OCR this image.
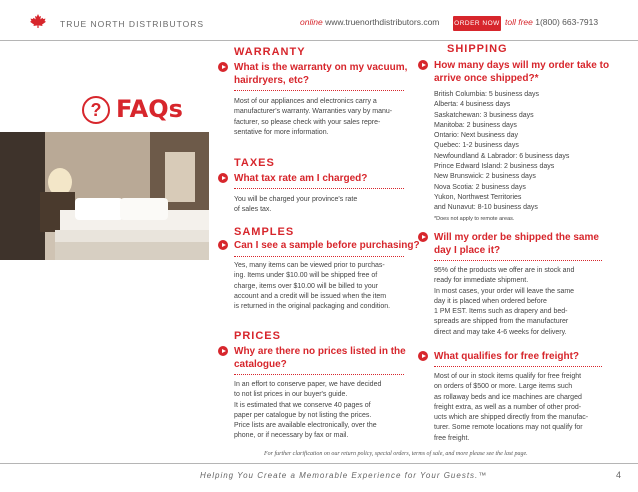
TRUE NORTH DISTRIBUTORS	online www.truenorthdistributors.com ORDER NOW toll free 1(800) 663-7913
? FAQs
WARRANTY
What is the warranty on my vacuum,
hairdryers, etc?

Most of our appliances and electronics carry a

manufacturer's warranty. Warranties vary by manu-

facturer, so please check with your sales repre-

sentative for more information.

TAXES
What tax rate am I charged?

You will be charged your province's rate

of sales tax.

SAMPLES
Can I see a sample before purchasing?

Yes, many items can be viewed prior to purchas-

ing. Items under $10.00 will be shipped free of

charge, items over $10.00 will be billed to your

account and a credit will be issued when the item

is returned in the original packaging and condition.

PRICES
Why are there no prices listed in the
catalogue?

In an effort to conserve paper, we have decided

to not list prices in our buyer's guide.

It is estimated that we conserve 40 pages of

paper per catalogue by not listing the prices.

Price lists are available electronically, over the

phone, or if necessary by fax or mail.

SHIPPING
How many days will my order take to
arrive once shipped?*

British Columbia: 5 business days

Alberta: 4 business days

Saskatchewan: 3 business days

Manitoba: 2 business days

Ontario: Next business day

Quebec: 1-2 business days

Newfoundland & Labrador: 6 business days

Prince Edward Island: 2 business days

New Brunswick: 2 business days

Nova Scotia: 2 business days

Yukon, Northwest Territories

and Nunavut: 8-10 business days

*Does not apply to remote areas.

Will my order be shipped the same
day I place it?

95% of the products we offer are in stock and

ready for immediate shipment.

In most cases, your order will leave the same

day it is placed when ordered before

1 PM EST. Items such as drapery and bed-

spreads are shipped from the manufacturer

direct and may take 4-6 weeks for delivery.

What qualifies for free freight?

Most of our in stock items qualify for free freight

on orders of $500 or more. Large items such

as rollaway beds and ice machines are charged

freight extra, as well as a number of other prod-

ucts which are shipped directly from the manufac-

turer. Some remote locations may not qualify for

free freight.

For further clarification on our return policy, special orders, terms of sale, and more please see the last page.
Helping You Create a Memorable Experience for Your Guests.™	4
